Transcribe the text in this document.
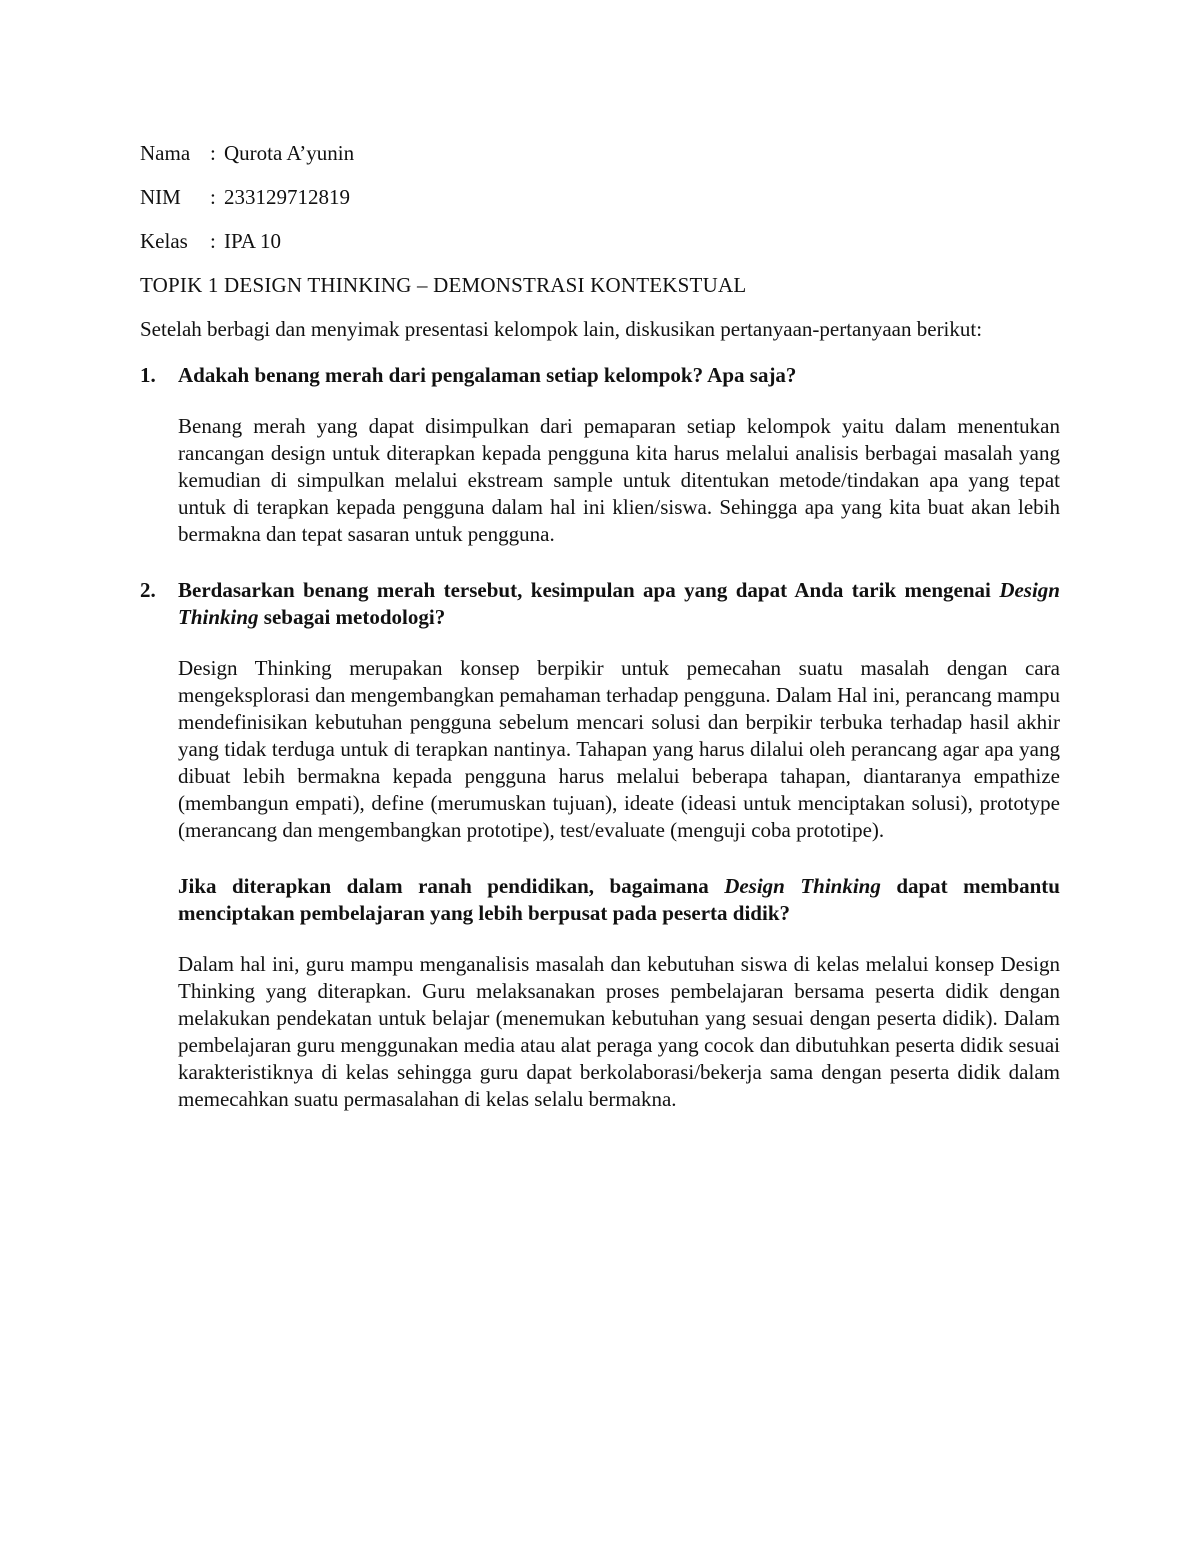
Nama : Qurota A’yunin
NIM	: 233129712819
Kelas	: IPA 10
TOPIK 1 DESIGN THINKING – DEMONSTRASI KONTEKSTUAL
Setelah berbagi dan menyimak presentasi kelompok lain, diskusikan pertanyaan-pertanyaan berikut:
1.	Adakah benang merah dari pengalaman setiap kelompok? Apa saja?
Benang merah yang dapat disimpulkan dari pemaparan setiap kelompok yaitu dalam menentukan rancangan design untuk diterapkan kepada pengguna kita harus melalui analisis berbagai masalah yang kemudian di simpulkan melalui ekstream sample untuk ditentukan metode/tindakan apa yang tepat untuk di terapkan kepada pengguna dalam hal ini klien/siswa. Sehingga apa yang kita buat akan lebih bermakna dan tepat sasaran untuk pengguna.
2.	Berdasarkan benang merah tersebut, kesimpulan apa yang dapat Anda tarik mengenai Design Thinking sebagai metodologi?
Design Thinking merupakan konsep berpikir untuk pemecahan suatu masalah dengan cara mengeksplorasi dan mengembangkan pemahaman terhadap pengguna. Dalam Hal ini, perancang mampu mendefinisikan kebutuhan pengguna sebelum mencari solusi dan berpikir terbuka terhadap hasil akhir yang tidak terduga untuk di terapkan nantinya. Tahapan yang harus dilalui oleh perancang agar apa yang dibuat lebih bermakna kepada pengguna harus melalui beberapa tahapan, diantaranya empathize (membangun empati), define (merumuskan tujuan), ideate (ideasi untuk menciptakan solusi), prototype (merancang dan mengembangkan prototipe), test/evaluate (menguji coba prototipe).
Jika diterapkan dalam ranah pendidikan, bagaimana Design Thinking dapat membantu menciptakan pembelajaran yang lebih berpusat pada peserta didik?
Dalam hal ini, guru mampu menganalisis masalah dan kebutuhan siswa di kelas melalui konsep Design Thinking yang diterapkan. Guru melaksanakan proses pembelajaran bersama peserta didik dengan melakukan pendekatan untuk belajar (menemukan kebutuhan yang sesuai dengan peserta didik). Dalam pembelajaran guru menggunakan media atau alat peraga yang cocok dan dibutuhkan peserta didik sesuai karakteristiknya di kelas sehingga guru dapat berkolaborasi/bekerja sama dengan peserta didik dalam memecahkan suatu permasalahan di kelas selalu bermakna.
